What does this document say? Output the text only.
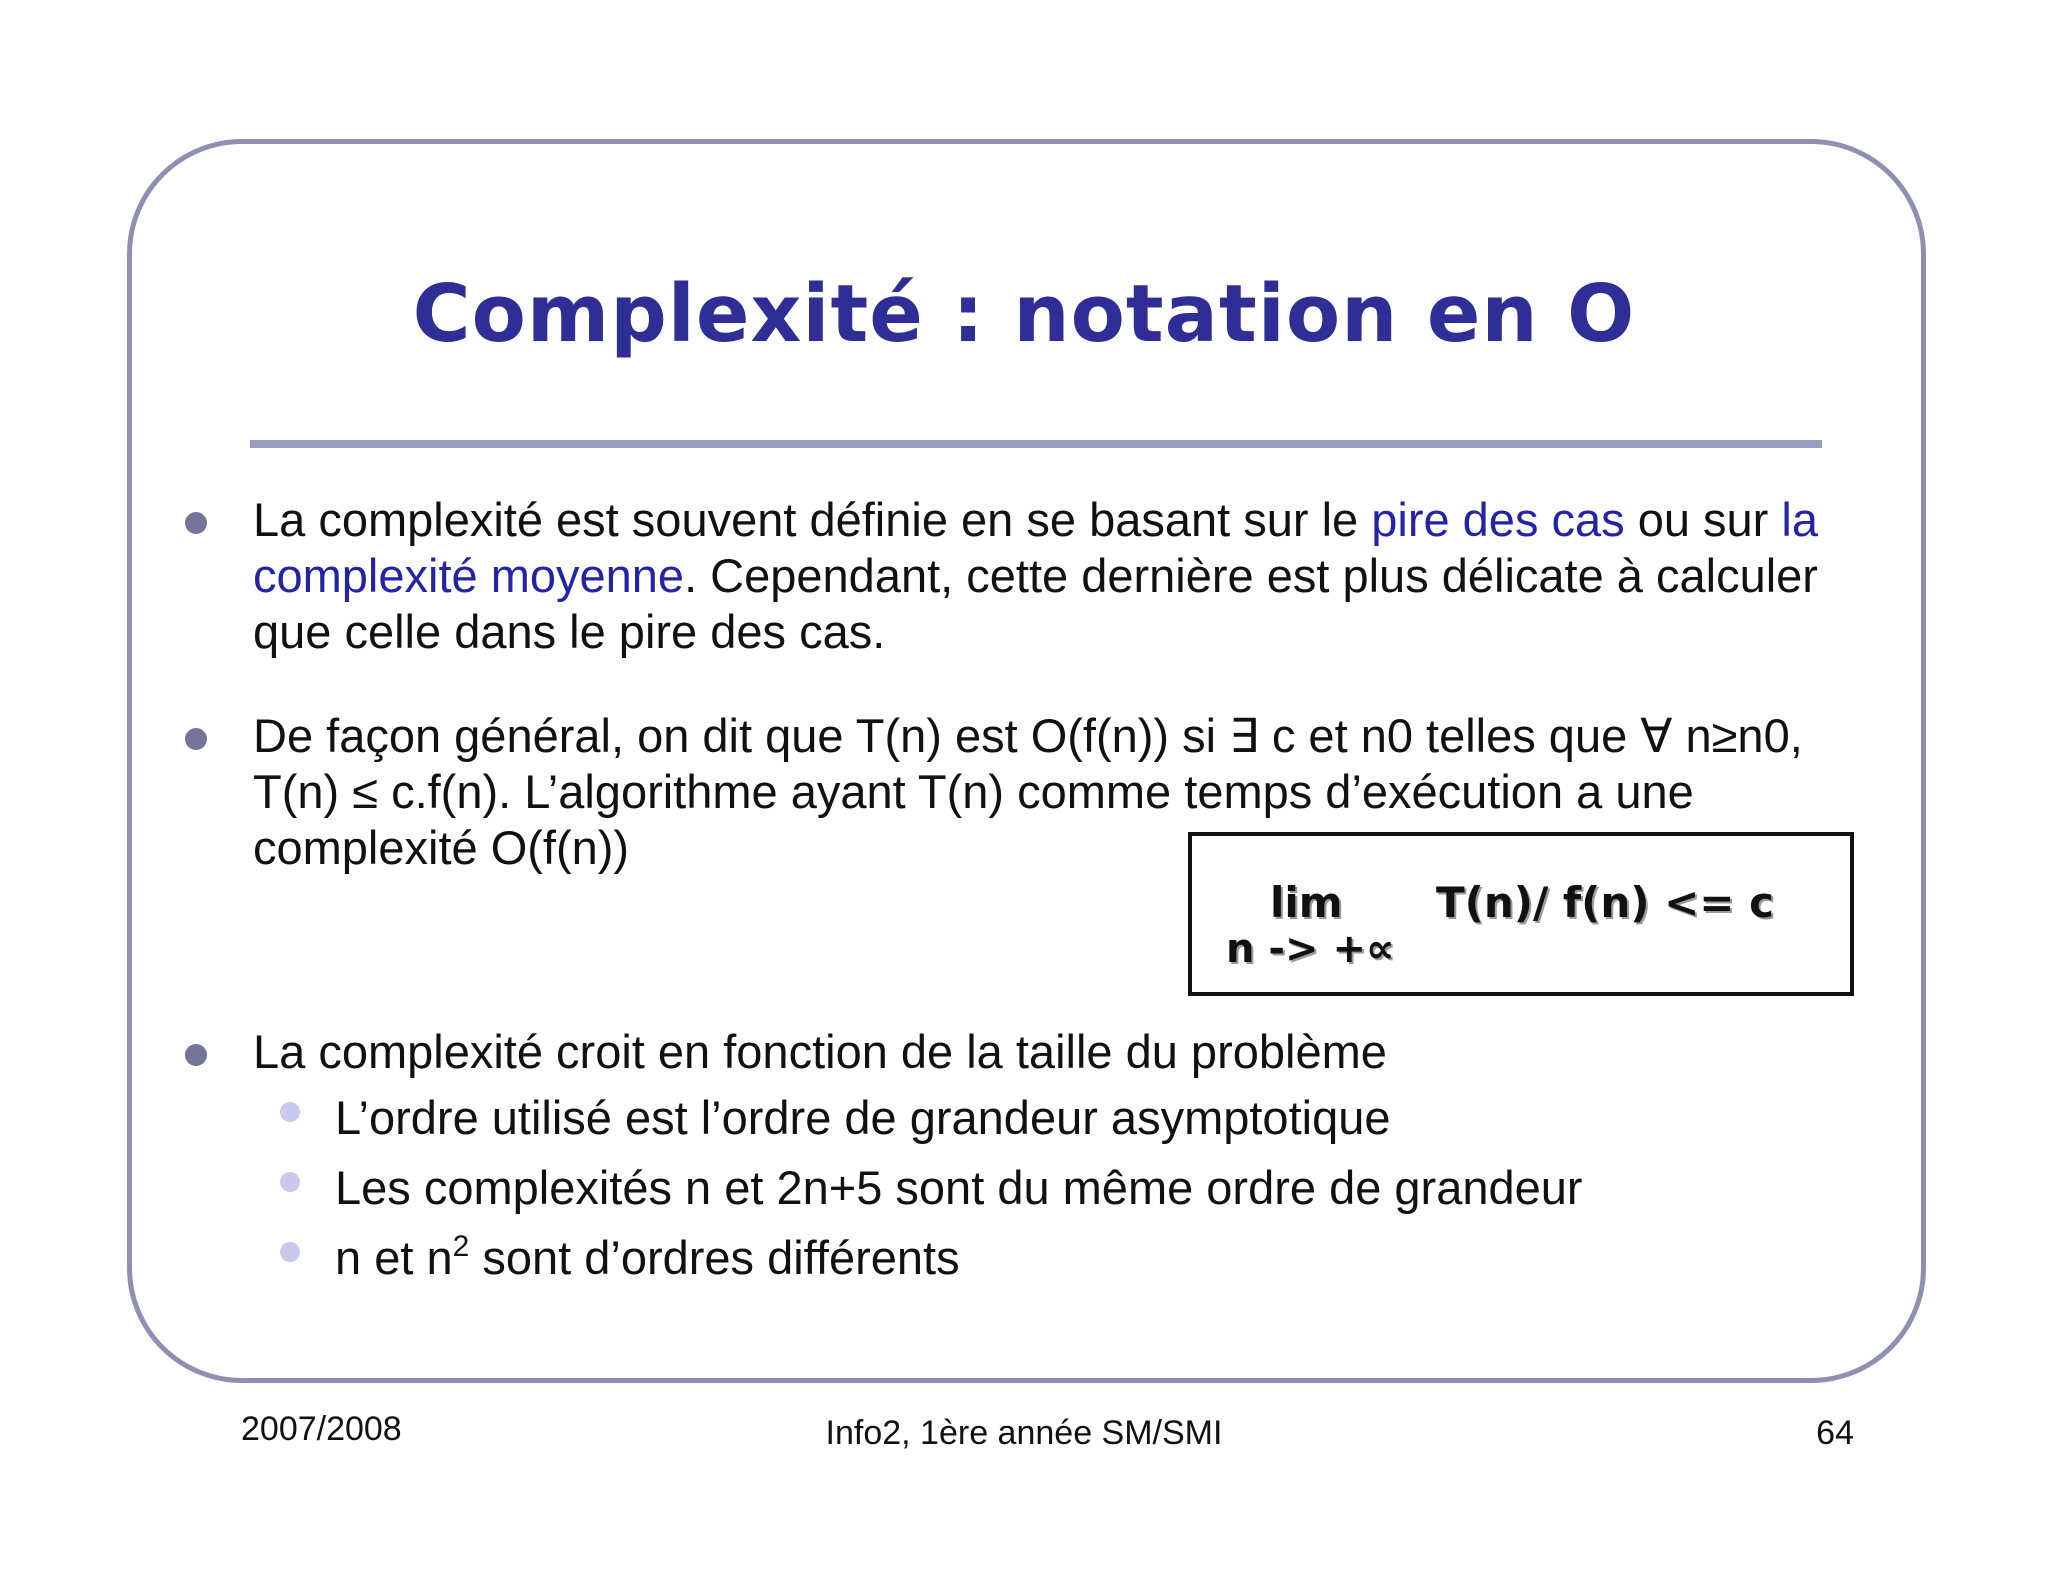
Complexité : notation en O

La complexité est souvent définie en se basant sur le pire des cas ou sur la complexité moyenne. Cependant, cette dernière est plus délicate à calculer que celle dans le pire des cas.

De façon général, on dit que T(n) est O(f(n)) si ∃ c et n0 telles que ∀ n≥n0, T(n) ≤ c.f(n). L’algorithme ayant T(n) comme temps d’exécution a une complexité O(f(n))

lim T(n)/ f(n) <= c
n -> +∝

La complexité croit en fonction de la taille du problème

L’ordre utilisé est l’ordre de grandeur asymptotique

Les complexités n et 2n+5 sont du même ordre de grandeur

n et $n^2$ sont d’ordres différents

2007/2008	Info2, 1ère année SM/SMI	64
